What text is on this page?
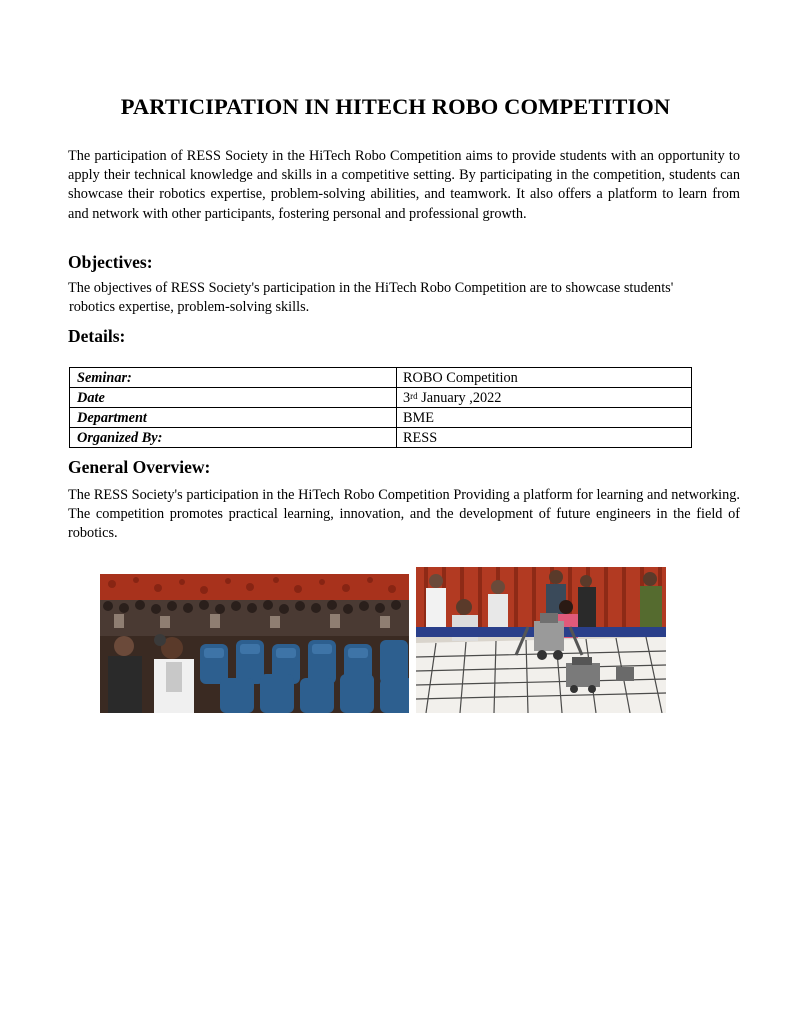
PARTICIPATION IN HITECH ROBO COMPETITION

The participation of RESS Society in the HiTech Robo Competition aims to provide students with an opportunity to apply their technical knowledge and skills in a competitive setting. By participating in the competition, students can showcase their robotics expertise, problem-solving abilities, and teamwork. It also offers a platform to learn from and network with other participants, fostering personal and professional growth.

Objectives:

The objectives of RESS Society's participation in the HiTech Robo Competition are to showcase students'
robotics expertise, problem-solving skills.

Details:
Seminar:	ROBO Competition
Date	3rd January ,2022
Department	BME
Organized By:	RESS
General Overview:

The RESS Society's participation in the HiTech Robo Competition Providing a platform for learning and networking. The competition promotes practical learning, innovation, and the development of future engineers in the field of robotics.
